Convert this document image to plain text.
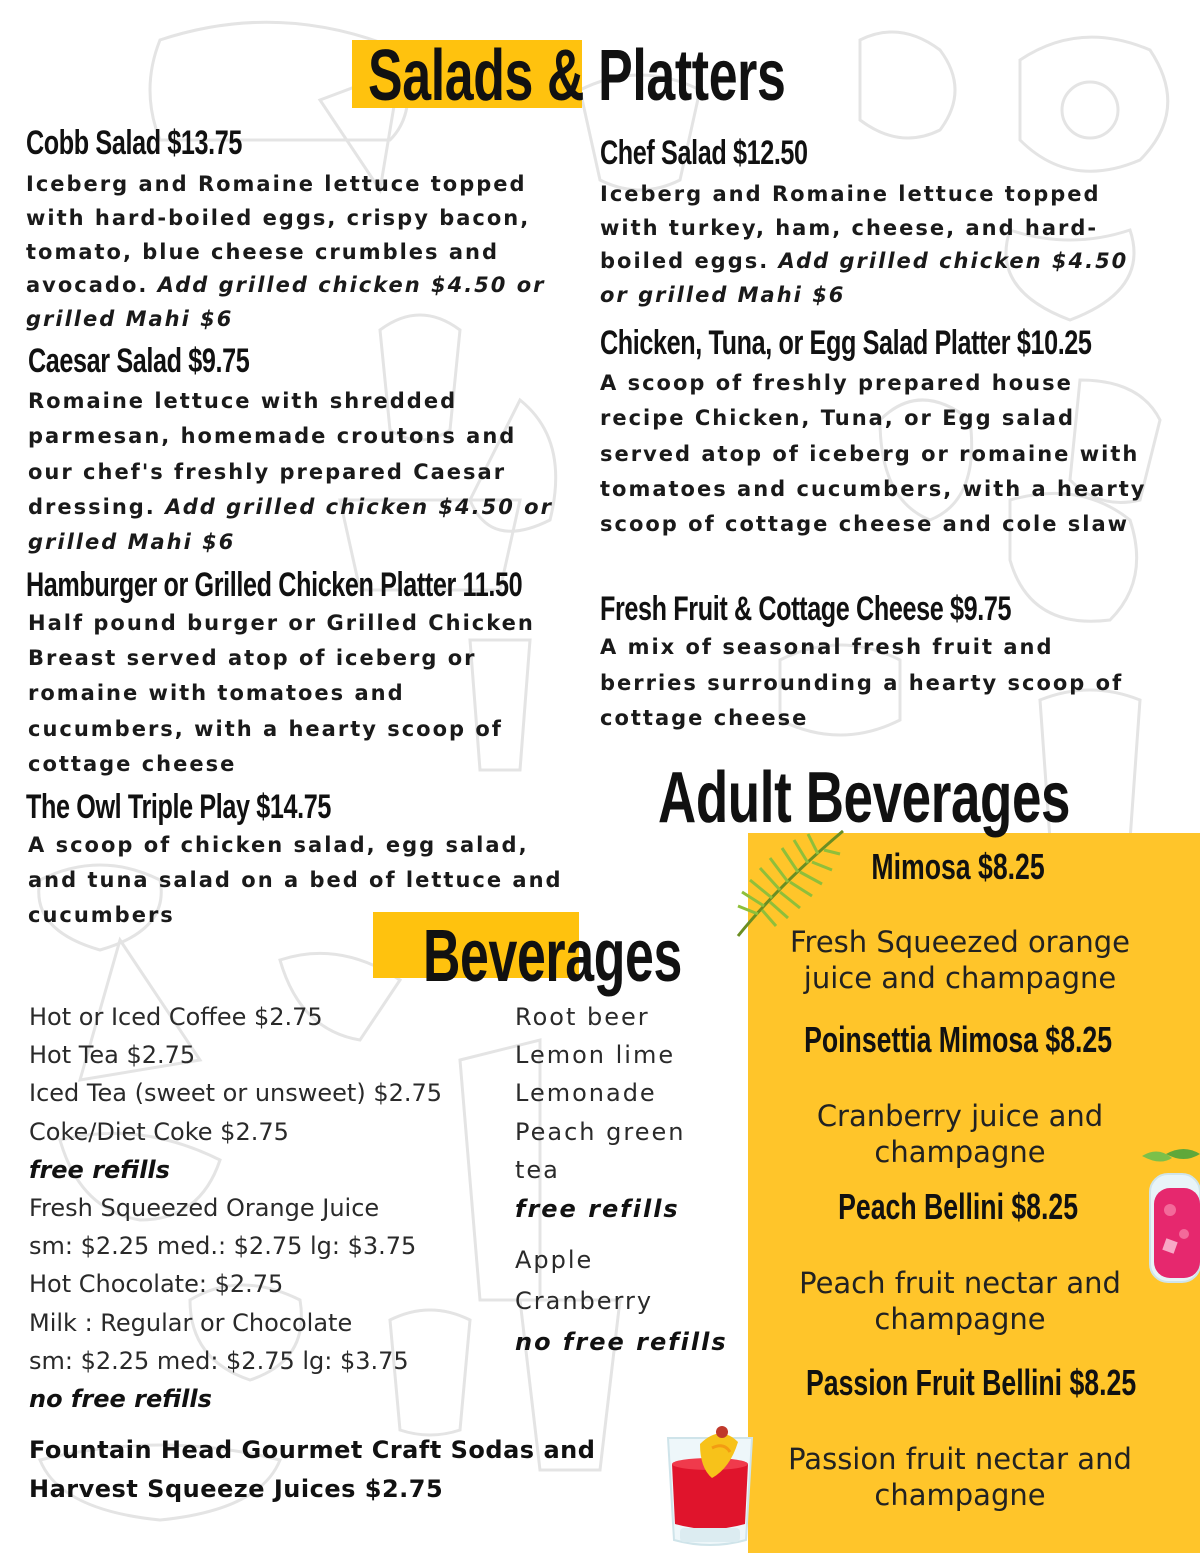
Salads & Platters
Cobb Salad $13.75
Iceberg and Romaine lettuce topped with hard-boiled eggs, crispy bacon, tomato, blue cheese crumbles and avocado. Add grilled chicken $4.50 or grilled Mahi $6
Caesar Salad $9.75
Romaine lettuce with shredded parmesan, homemade croutons and our chef's freshly prepared Caesar dressing. Add grilled chicken $4.50 or grilled Mahi $6
Hamburger or Grilled Chicken Platter 11.50
Half pound burger or Grilled Chicken Breast served atop of iceberg or romaine with tomatoes and cucumbers, with a hearty scoop of cottage cheese
The Owl Triple Play $14.75
A scoop of chicken salad, egg salad, and tuna salad on a bed of lettuce and cucumbers
Chef Salad $12.50
Iceberg and Romaine lettuce topped with turkey, ham, cheese, and hard-boiled eggs. Add grilled chicken $4.50 or grilled Mahi $6
Chicken, Tuna, or Egg Salad Platter $10.25
A scoop of freshly prepared house recipe Chicken, Tuna, or Egg salad served atop of iceberg or romaine with tomatoes and cucumbers, with a hearty scoop of cottage cheese and cole slaw
Fresh Fruit & Cottage Cheese $9.75
A mix of seasonal fresh fruit and berries surrounding a hearty scoop of cottage cheese
Adult Beverages
Beverages
Hot or Iced Coffee $2.75
Hot Tea $2.75
Iced Tea (sweet or unsweet) $2.75
Coke/Diet Coke $2.75
free refills
Fresh Squeezed Orange Juice
sm: $2.25 med.: $2.75 lg: $3.75
Hot Chocolate: $2.75
Milk : Regular or Chocolate
sm: $2.25 med: $2.75 lg: $3.75
no free refills
Root beer
Lemon lime
Lemonade
Peach green
tea
free refills
Apple
Cranberry
no free refills
Fountain Head Gourmet Craft Sodas and
Harvest Squeeze Juices $2.75
Mimosa $8.25
Fresh Squeezed orange
juice and champagne
Poinsettia Mimosa $8.25
Cranberry juice and
champagne
Peach Bellini $8.25
Peach fruit nectar and
champagne
Passion Fruit Bellini $8.25
Passion fruit nectar and
champagne
